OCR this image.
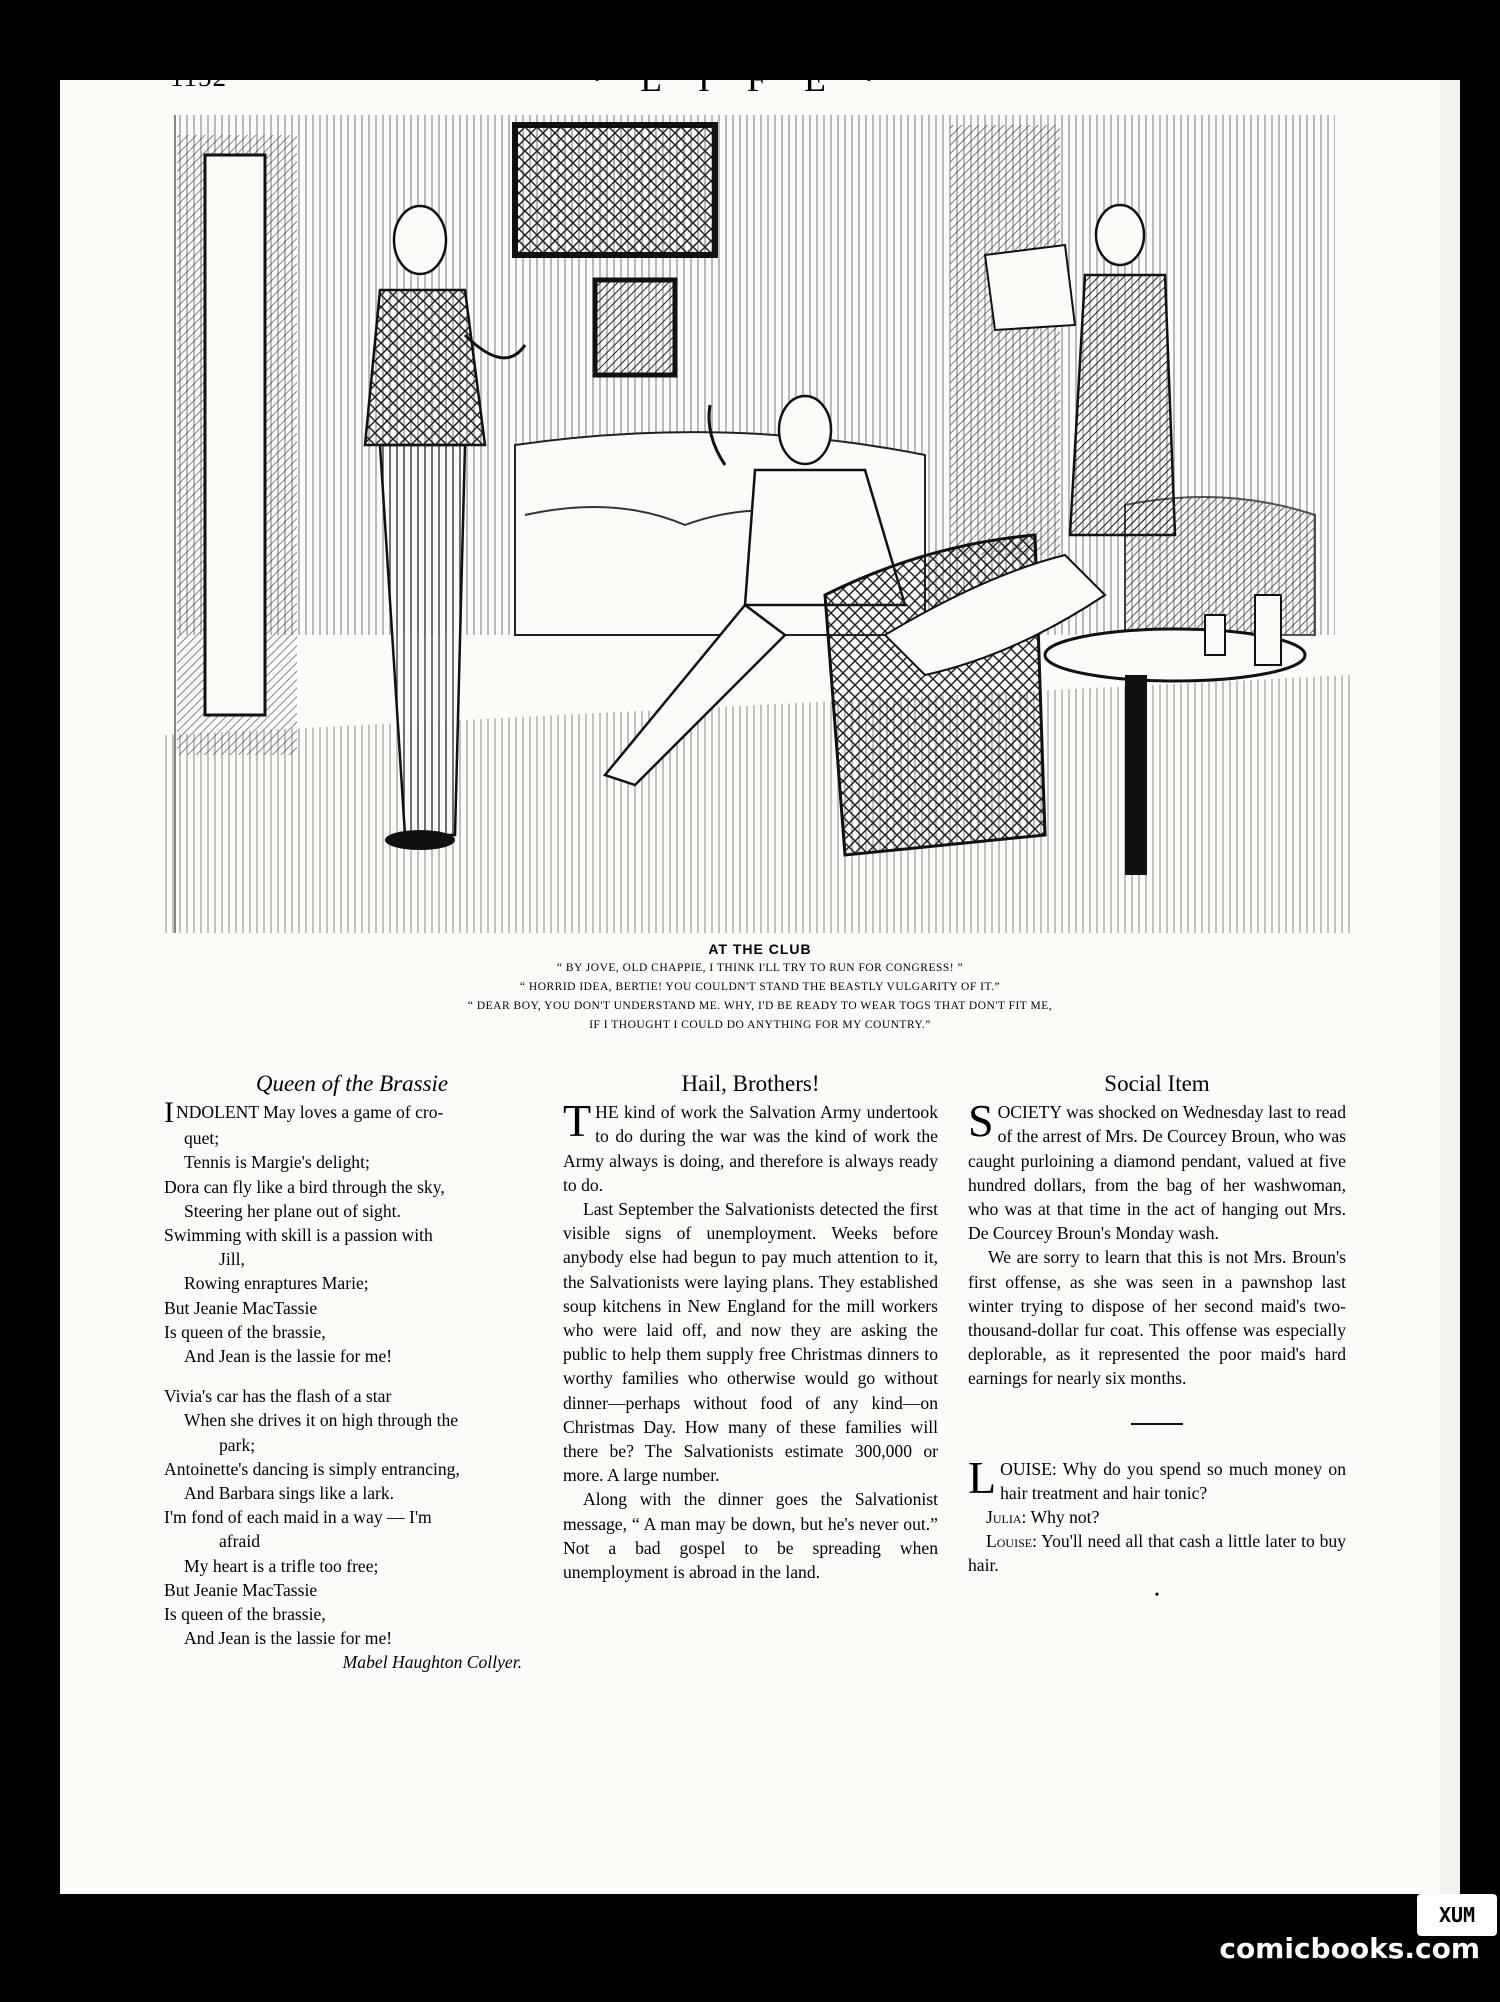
1152	· L I F E ·
AT THE CLUB
“ BY JOVE, OLD CHAPPIE, I THINK I'LL TRY TO RUN FOR CONGRESS! ”
“ HORRID IDEA, BERTIE! YOU COULDN'T STAND THE BEASTLY VULGARITY OF IT.”
“ DEAR BOY, YOU DON'T UNDERSTAND ME. WHY, I'D BE READY TO WEAR TOGS THAT DON'T FIT ME,
IF I THOUGHT I COULD DO ANYTHING FOR MY COUNTRY.”
Queen of the Brassie
INDOLENT May loves a game of cro-
quet;
Tennis is Margie's delight;
Dora can fly like a bird through the sky,
Steering her plane out of sight.
Swimming with skill is a passion with
Jill,
Rowing enraptures Marie;
But Jeanie MacTassie
Is queen of the brassie,
And Jean is the lassie for me!
Vivia's car has the flash of a star
When she drives it on high through the
park;
Antoinette's dancing is simply entrancing,
And Barbara sings like a lark.
I'm fond of each maid in a way — I'm
afraid
My heart is a trifle too free;
But Jeanie MacTassie
Is queen of the brassie,
And Jean is the lassie for me!
Mabel Haughton Collyer.
Hail, Brothers!

THE kind of work the Salvation Army undertook to do during the war was the kind of work the Army always is doing, and therefore is always ready to do.

Last September the Salvationists detected the first visible signs of unemployment. Weeks before anybody else had begun to pay much attention to it, the Salvationists were laying plans. They established soup kitchens in New England for the mill workers who were laid off, and now they are asking the public to help them supply free Christmas dinners to worthy families who otherwise would go without dinner—perhaps without food of any kind—on Christmas Day. How many of these families will there be? The Salvationists estimate 300,000 or more. A large number.

Along with the dinner goes the Salvationist message, “ A man may be down, but he's never out.” Not a bad gospel to be spreading when unemployment is abroad in the land.

Social Item

SOCIETY was shocked on Wednesday last to read of the arrest of Mrs. De Courcey Broun, who was caught purloining a diamond pendant, valued at five hundred dollars, from the bag of her washwoman, who was at that time in the act of hanging out Mrs. De Courcey Broun's Monday wash.

We are sorry to learn that this is not Mrs. Broun's first offense, as she was seen in a pawnshop last winter trying to dispose of her second maid's two-thousand-dollar fur coat. This offense was especially deplorable, as it represented the poor maid's hard earnings for nearly six months.

LOUISE: Why do you spend so much money on hair treatment and hair tonic?

Julia: Why not?

Louise: You'll need all that cash a little later to buy hair.

•
XUM
comicbooks.com
